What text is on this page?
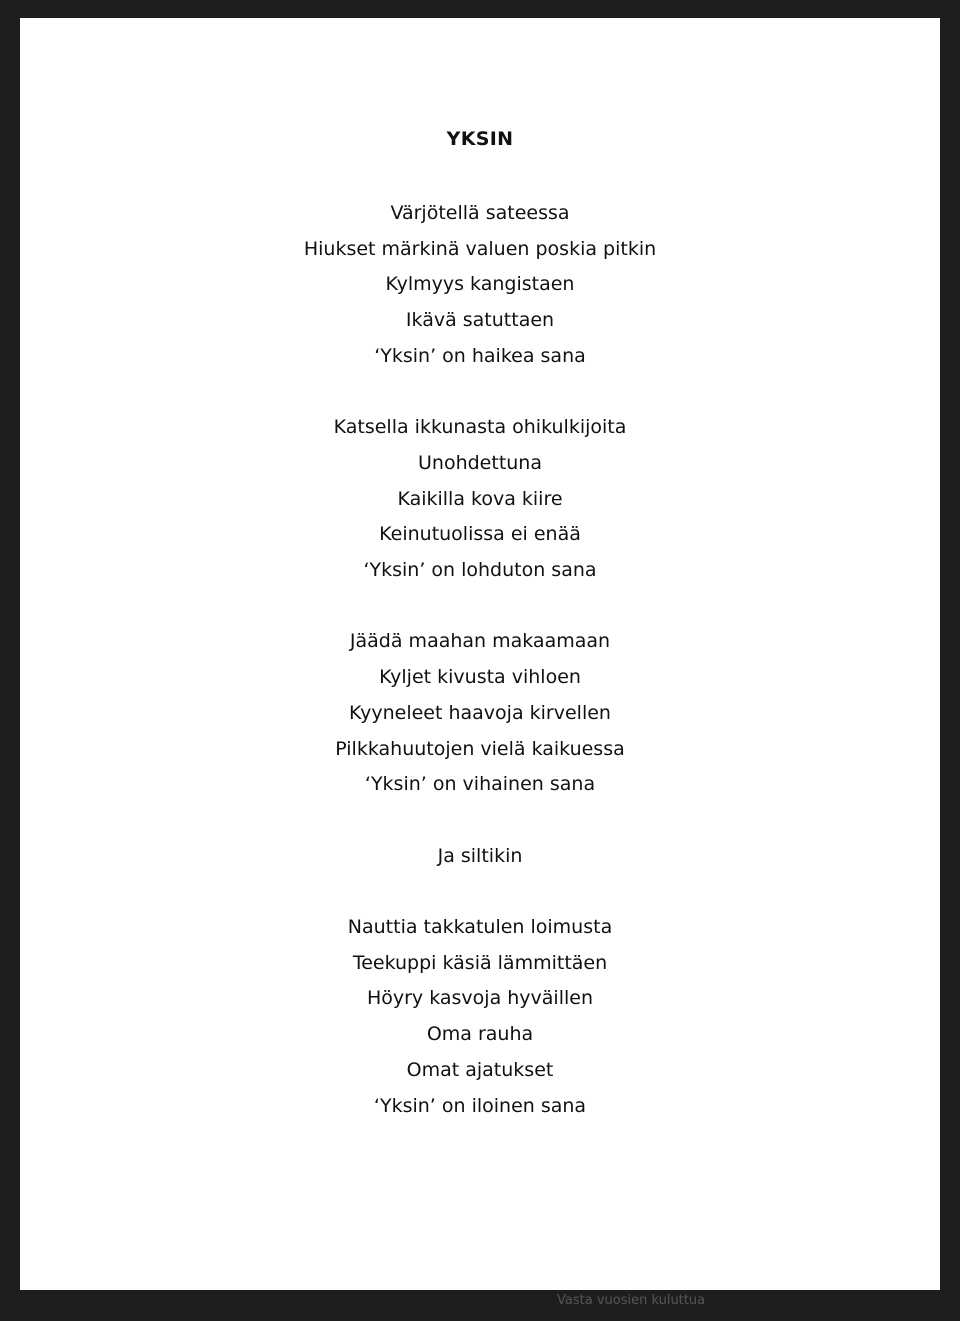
YKSIN
Värjötellä sateessa
Hiukset märkinä valuen poskia pitkin
Kylmyys kangistaen
Ikävä satuttaen
‘Yksin’ on haikea sana
Katsella ikkunasta ohikulkijoita
Unohdettuna
Kaikilla kova kiire
Keinutuolissa ei enää
‘Yksin’ on lohduton sana
Jäädä maahan makaamaan
Kyljet kivusta vihloen
Kyyneleet haavoja kirvellen
Pilkkahuutojen vielä kaikuessa
‘Yksin’ on vihainen sana
Ja siltikin
Nauttia takkatulen loimusta
Teekuppi käsiä lämmittäen
Höyry kasvoja hyväillen
Oma rauha
Omat ajatukset
‘Yksin’ on iloinen sana
Vasta vuosien kuluttua
